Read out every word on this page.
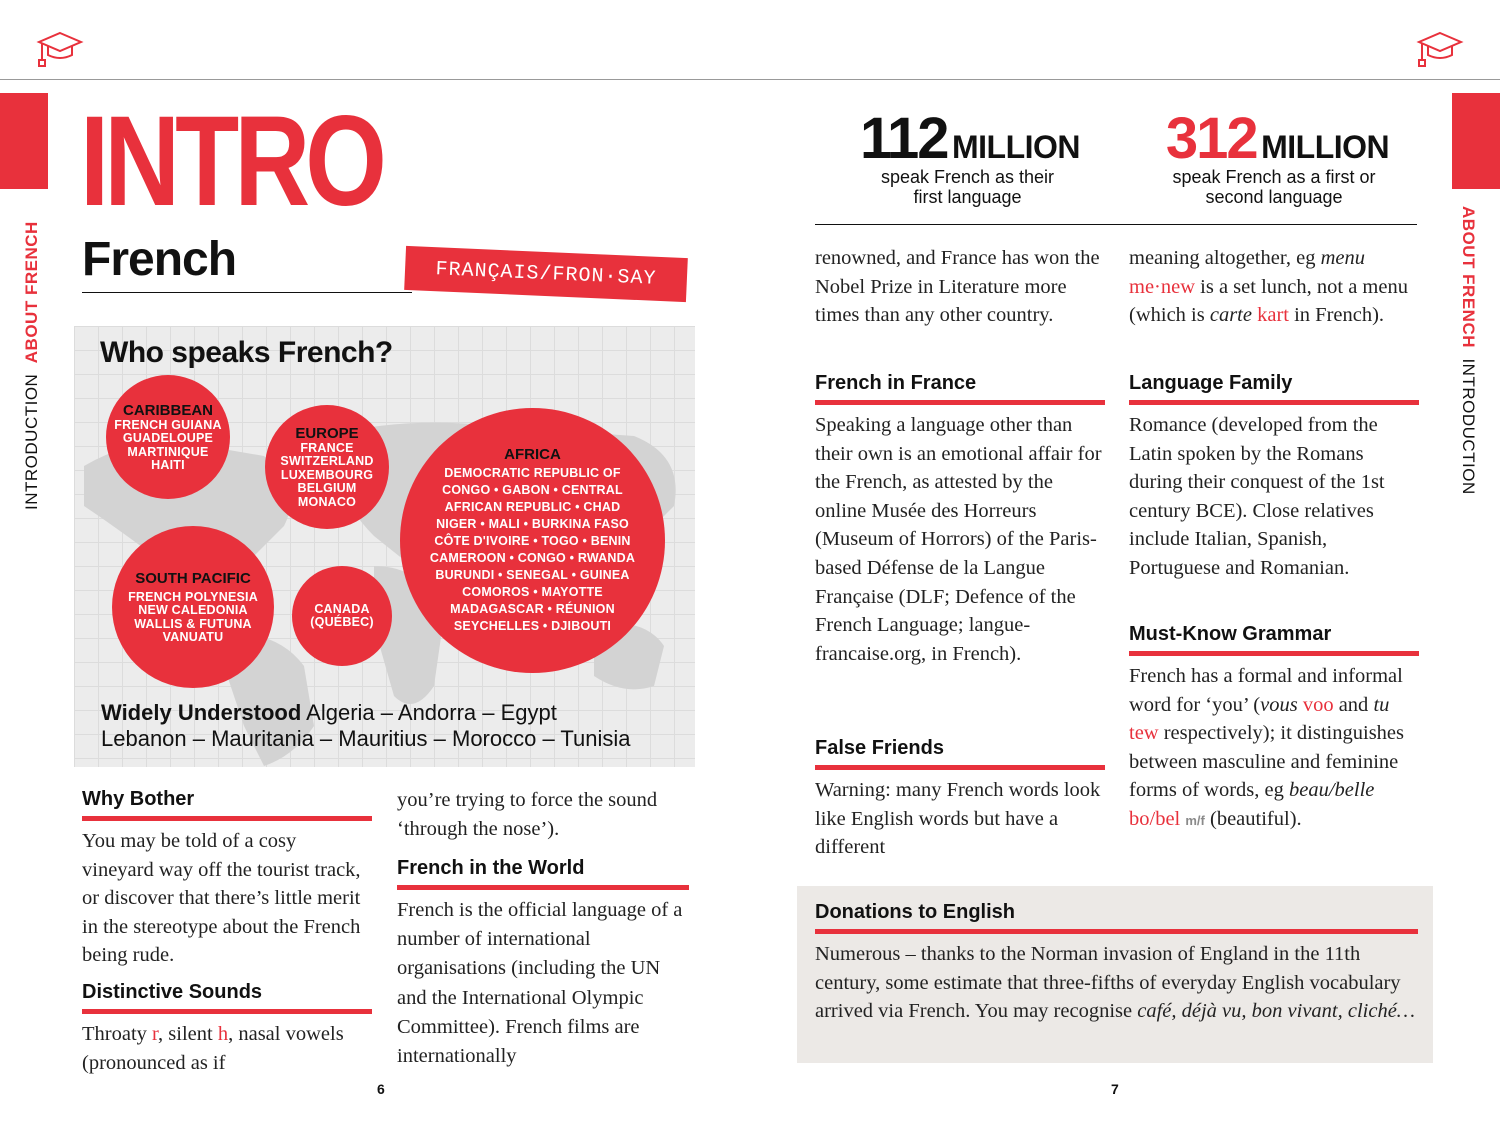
INTRODUCTION  ABOUT FRENCH	ABOUT FRENCH  INTRODUCTION
INTRO
French	FRANÇAIS/FRON·SAY
Who speaks French?
CARIBBEAN
FRENCH GUIANA
GUADELOUPE
MARTINIQUE
HAITI
EUROPE
FRANCE
SWITZERLAND
LUXEMBOURG
BELGIUM
MONACO
AFRICA
DEMOCRATIC REPUBLIC OF
CONGO • GABON • CENTRAL
AFRICAN REPUBLIC • CHAD
NIGER • MALI • BURKINA FASO
CÔTE D'IVOIRE • TOGO • BENIN
CAMEROON • CONGO • RWANDA
BURUNDI • SENEGAL • GUINEA
COMOROS • MAYOTTE
MADAGASCAR • RÉUNION
SEYCHELLES • DJIBOUTI
SOUTH PACIFIC
FRENCH POLYNESIA
NEW CALEDONIA
WALLIS & FUTUNA
VANUATU
CANADA
(QUÉBEC)
Widely Understood Algeria – Andorra – Egypt
Lebanon – Mauritania – Mauritius – Morocco – Tunisia
Why Bother
You may be told of a cosy vineyard way off the tourist track, or discover that there’s little merit in the stereotype about the French being rude.
Distinctive Sounds
Throaty r, silent h, nasal vowels (pronounced as if
you’re trying to force the sound ‘through the nose’).
French in the World
French is the official language of a number of international organisations (including the UN and the International Olympic Committee). French films are internationally
6
112 MILLION
speak French as their
first language
312 MILLION
speak French as a first or
second language
renowned, and France has won the Nobel Prize in Literature more times than any other country.
French in France
Speaking a language other than their own is an emotional affair for the French, as attested by the online Musée des Horreurs (Museum of Horrors) of the Paris-based Défense de la Langue Française (DLF; Defence of the French Language; langue-francaise.org, in French).
False Friends
Warning: many French words look like English words but have a different
meaning altogether, eg menu me·new is a set lunch, not a menu (which is carte kart in French).
Language Family
Romance (developed from the Latin spoken by the Romans during their conquest of the 1st century BCE). Close relatives include Italian, Spanish, Portuguese and Romanian.
Must-Know Grammar
French has a formal and informal word for ‘you’ (vous voo and tu tew respectively); it distinguishes between masculine and feminine forms of words, eg beau/belle bo/bel m/f (beautiful).
Donations to English
Numerous – thanks to the Norman invasion of England in the 11th century, some estimate that three-fifths of everyday English vocabulary arrived via French. You may recognise café, déjà vu, bon vivant, cliché…
7
